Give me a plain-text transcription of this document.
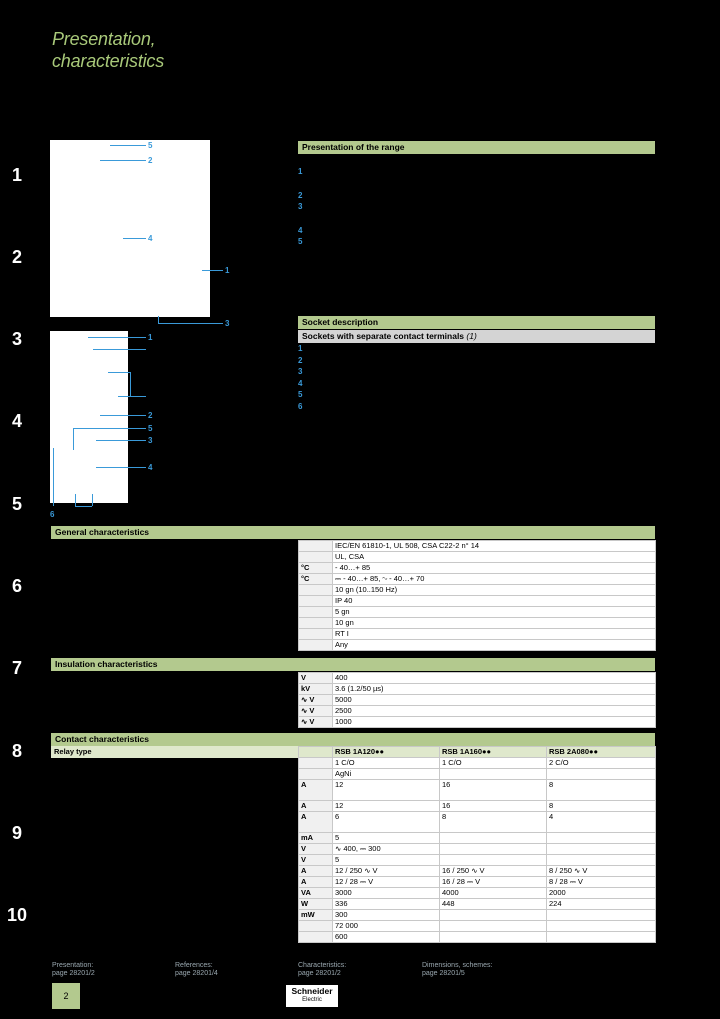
Presentation,
characteristics
1
2
3
4
5
6
7
8
9
10
5
2
4
1
3
1
2
5
3
4
6
Presentation of the range
1
2
3
4
5
Socket description
Sockets with separate contact terminals (1)
1
2
3
4
5
6
General characteristics
	IEC/EN 61810-1, UL 508, CSA C22-2 n° 14
	UL, CSA
°C	- 40…+ 85
°C	⎓ - 40…+ 85, ∿ - 40…+ 70
	10 gn (10..150 Hz)
	IP 40
	5 gn
	10 gn
	RT I
	Any
Insulation characteristics
V	400
kV	3.6 (1.2/50 µs)
∿ V	5000
∿ V	2500
∿ V	1000
Contact characteristics
Relay type
		RSB 1A120●●	RSB 1A160●●	RSB 2A080●●
	1 C/O	1 C/O	2 C/O
	AgNi		
A	12	16	8
A	12	16	8
A	6	8	4
mA	5		
V	∿ 400, ⎓ 300		
V	5		
A	12 / 250 ∿ V	16 / 250 ∿ V	8 / 250 ∿ V
A	12 / 28 ⎓ V	16 / 28 ⎓ V	8 / 28 ⎓ V
VA	3000	4000	2000
W	336	448	224
mW	300		
	72 000		
	600		
Presentation:
page 28201/2
References:
page 28201/4
Characteristics:
page 28201/2
Dimensions, schemes:
page 28201/5
2	Schneider
Electric
